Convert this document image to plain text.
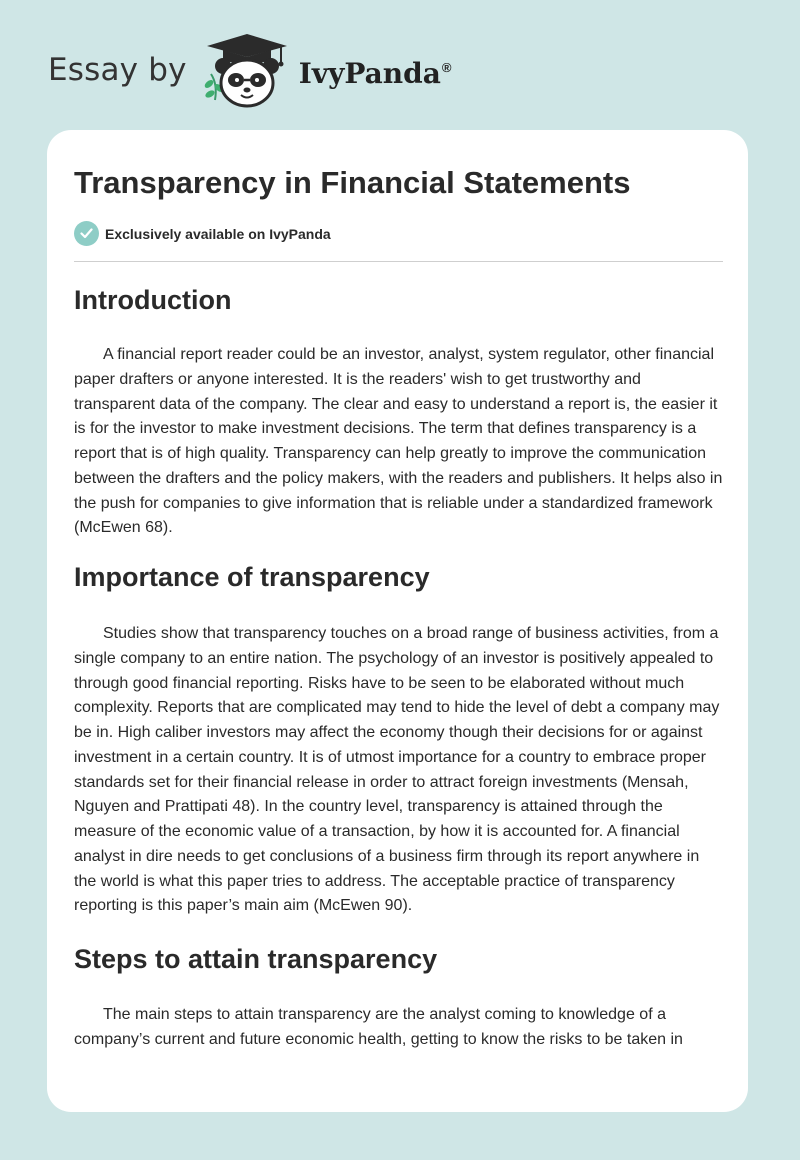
Essay by	IvyPanda®
Transparency in Financial Statements
Exclusively available on IvyPanda
Introduction

A financial report reader could be an investor, analyst, system regulator, other financial paper drafters or anyone interested. It is the readers' wish to get trustworthy and transparent data of the company. The clear and easy to understand a report is, the easier it is for the investor to make investment decisions. The term that defines transparency is a report that is of high quality. Transparency can help greatly to improve the communication between the drafters and the policy makers, with the readers and publishers. It helps also in the push for companies to give information that is reliable under a standardized framework (McEwen 68).

Importance of transparency

Studies show that transparency touches on a broad range of business activities, from a single company to an entire nation. The psychology of an investor is positively appealed to through good financial reporting. Risks have to be seen to be elaborated without much complexity. Reports that are complicated may tend to hide the level of debt a company may be in. High caliber investors may affect the economy though their decisions for or against investment in a certain country. It is of utmost importance for a country to embrace proper standards set for their financial release in order to attract foreign investments (Mensah, Nguyen and Prattipati 48). In the country level, transparency is attained through the measure of the economic value of a transaction, by how it is accounted for. A financial analyst in dire needs to get conclusions of a business firm through its report anywhere in the world is what this paper tries to address. The acceptable practice of transparency reporting is this paper’s main aim (McEwen 90).

Steps to attain transparency

The main steps to attain transparency are the analyst coming to knowledge of a company’s current and future economic health, getting to know the risks to be taken in
